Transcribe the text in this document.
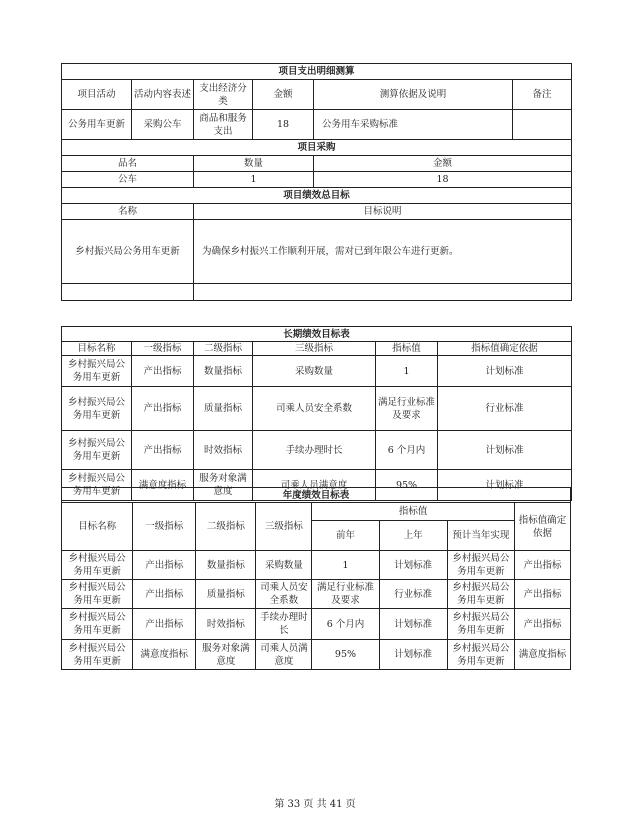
项目支出明细测算					
项目活动	活动内容表述	支出经济分类	金额	测算依据及说明	备注
公务用车更新	采购公车	商品和服务支出	18	公务用车采购标准	
项目采购					
品名		数量		金额	
公车		1		18	
项目绩效总目标					
名称		目标说明			
乡村振兴局公务用车更新		为确保乡村振兴工作顺利开展，需对已到年限公车进行更新。			

长期绩效目标表					
目标名称	一级指标	二级指标	三级指标	指标值	指标值确定依据
乡村振兴局公务用车更新	产出指标	数量指标	采购数量	1	计划标准
乡村振兴局公务用车更新	产出指标	质量指标	司乘人员安全系数	满足行业标准及要求	行业标准
乡村振兴局公务用车更新	产出指标	时效指标	手续办理时长	6 个月内	计划标准
乡村振兴局公务用车更新	满意度指标	服务对象满意度	司乘人员满意度	95%	计划标准
年度绩效目标表							
目标名称	一级指标	二级指标	三级指标	指标值			指标值确定依据
				前年	上年	预计当年实现	
乡村振兴局公务用车更新	产出指标	数量指标	采购数量	1	计划标准	乡村振兴局公务用车更新	产出指标
乡村振兴局公务用车更新	产出指标	质量指标	司乘人员安全系数	满足行业标准及要求	行业标准	乡村振兴局公务用车更新	产出指标
乡村振兴局公务用车更新	产出指标	时效指标	手续办理时长	6 个月内	计划标准	乡村振兴局公务用车更新	产出指标
乡村振兴局公务用车更新	满意度指标	服务对象满意度	司乘人员满意度	95%	计划标准	乡村振兴局公务用车更新	满意度指标
第 33 页 共 41 页
